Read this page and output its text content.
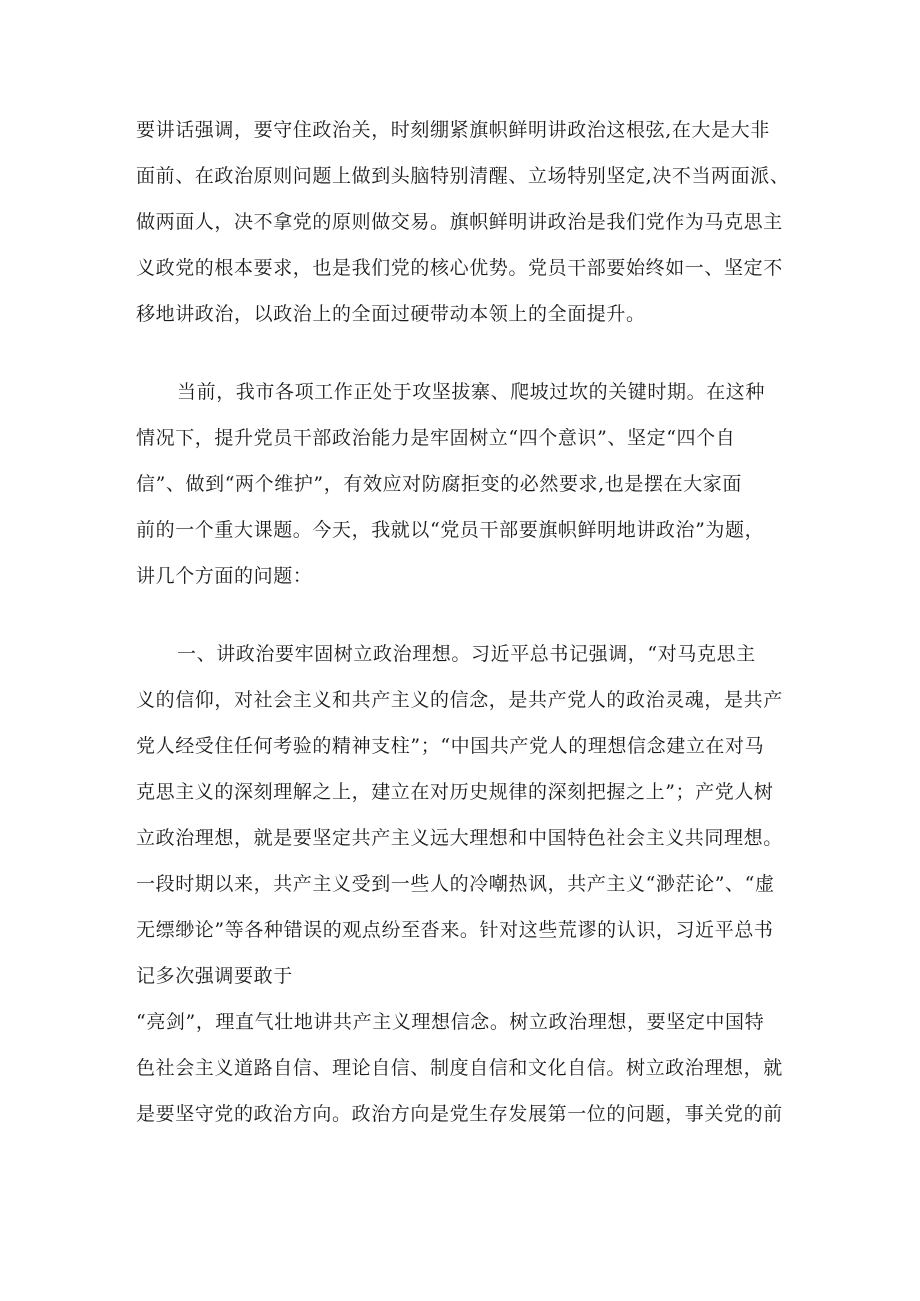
要讲话强调，要守住政治关，时刻绷紧旗帜鲜明讲政治这根弦,在大是大非
面前、在政治原则问题上做到头脑特别清醒、立场特别坚定,决不当两面派、
做两面人，决不拿党的原则做交易。旗帜鲜明讲政治是我们党作为马克思主
义政党的根本要求，也是我们党的核心优势。党员干部要始终如一、坚定不
移地讲政治，以政治上的全面过硬带动本领上的全面提升。
当前，我市各项工作正处于攻坚拔寨、爬坡过坎的关键时期。在这种
情况下，提升党员干部政治能力是牢固树立“四个意识”、坚定“四个自
信”、做到“两个维护”，有效应对防腐拒变的必然要求,也是摆在大家面
前的一个重大课题。今天，我就以“党员干部要旗帜鲜明地讲政治”为题，
讲几个方面的问题：
一、讲政治要牢固树立政治理想。习近平总书记强调，“对马克思主
义的信仰，对社会主义和共产主义的信念，是共产党人的政治灵魂，是共产
党人经受住任何考验的精神支柱”；“中国共产党人的理想信念建立在对马
克思主义的深刻理解之上，建立在对历史规律的深刻把握之上”；产党人树
立政治理想，就是要坚定共产主义远大理想和中国特色社会主义共同理想。
一段时期以来，共产主义受到一些人的冷嘲热讽，共产主义“渺茫论”、“虚
无缥缈论”等各种错误的观点纷至沓来。针对这些荒谬的认识，习近平总书
记多次强调要敢于
“亮剑”，理直气壮地讲共产主义理想信念。树立政治理想，要坚定中国特
色社会主义道路自信、理论自信、制度自信和文化自信。树立政治理想，就
是要坚守党的政治方向。政治方向是党生存发展第一位的问题，事关党的前
